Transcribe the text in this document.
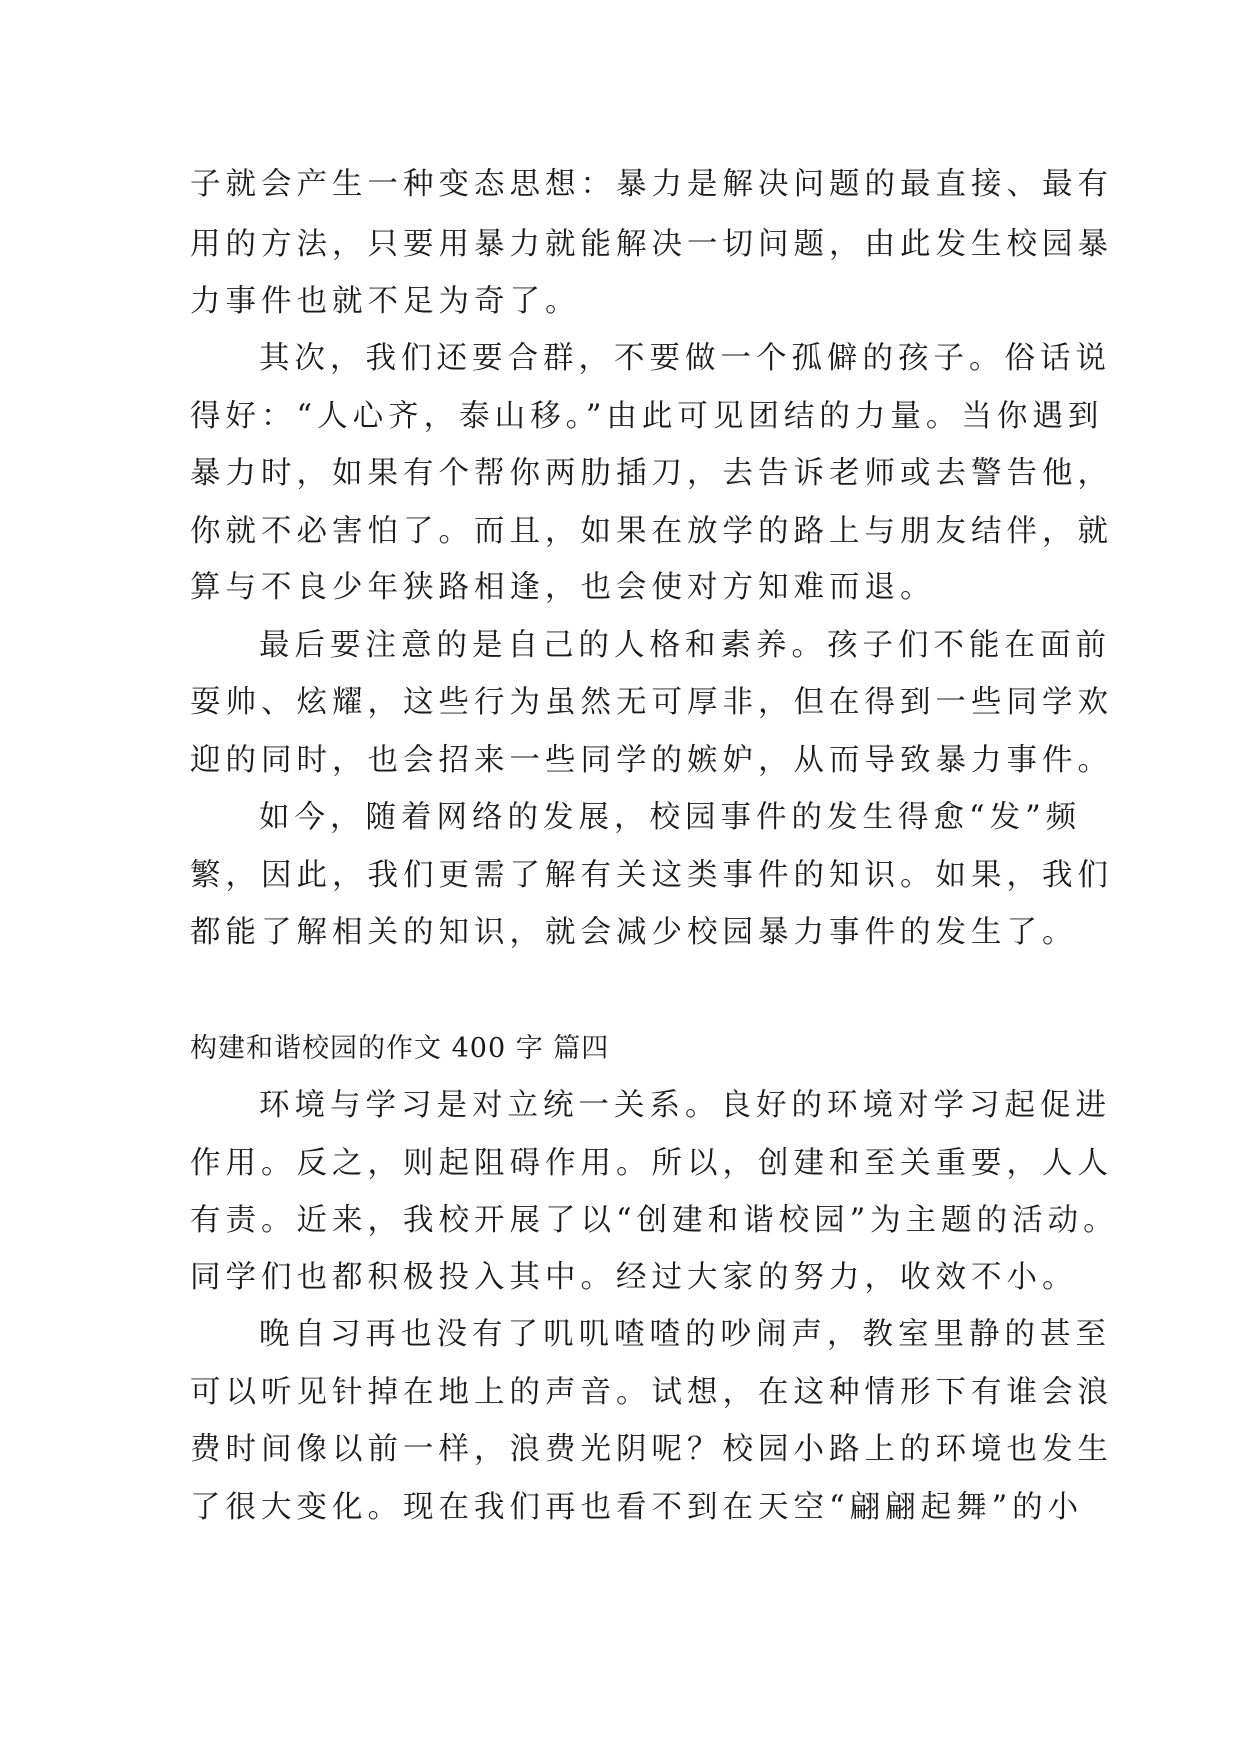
子就会产生一种变态思想：暴力是解决问题的最直接、最有
用的方法，只要用暴力就能解决一切问题，由此发生校园暴
力事件也就不足为奇了。
其次，我们还要合群，不要做一个孤僻的孩子。俗话说
得好：“人心齐，泰山移。”由此可见团结的力量。当你遇到
暴力时，如果有个帮你两肋插刀，去告诉老师或去警告他，
你就不必害怕了。而且，如果在放学的路上与朋友结伴，就
算与不良少年狭路相逢，也会使对方知难而退。
最后要注意的是自己的人格和素养。孩子们不能在面前
耍帅、炫耀，这些行为虽然无可厚非，但在得到一些同学欢
迎的同时，也会招来一些同学的嫉妒，从而导致暴力事件。
如今，随着网络的发展，校园事件的发生得愈“发”频
繁，因此，我们更需了解有关这类事件的知识。如果，我们
都能了解相关的知识，就会减少校园暴力事件的发生了。
构建和谐校园的作文 400 字 篇四
环境与学习是对立统一关系。良好的环境对学习起促进
作用。反之，则起阻碍作用。所以，创建和至关重要，人人
有责。近来，我校开展了以“创建和谐校园”为主题的活动。
同学们也都积极投入其中。经过大家的努力，收效不小。
晚自习再也没有了叽叽喳喳的吵闹声，教室里静的甚至
可以听见针掉在地上的声音。试想，在这种情形下有谁会浪
费时间像以前一样，浪费光阴呢？校园小路上的环境也发生
了很大变化。现在我们再也看不到在天空“翩翩起舞”的小
